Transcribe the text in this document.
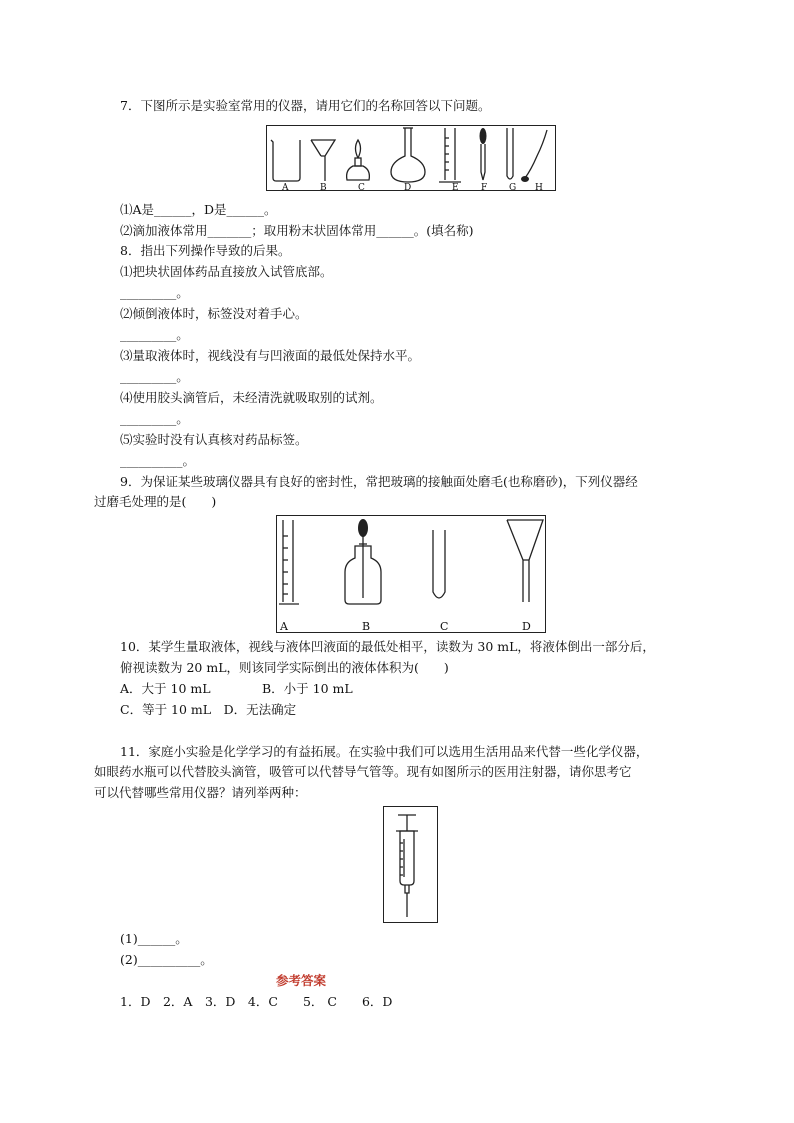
7．下图所示是实验室常用的仪器，请用它们的名称回答以下问题。
A	B	C	D	E F G H
⑴A是______，D是______。
⑵滴加液体常用_______；取用粉末状固体常用______。(填名称)
8．指出下列操作导致的后果。
⑴把块状固体药品直接放入试管底部。
_________。
⑵倾倒液体时，标签没对着手心。
_________。
⑶量取液体时，视线没有与凹液面的最低处保持水平。
_________。
⑷使用胶头滴管后，未经清洗就吸取别的试剂。
_________。
⑸实验时没有认真核对药品标签。
__________。
9．为保证某些玻璃仪器具有良好的密封性，常把玻璃的接触面处磨毛(也称磨砂)，下列仪器经
过磨毛处理的是(　　)
A	B	C	D
10．某学生量取液体，视线与液体凹液面的最低处相平，读数为 30 mL，将液体倒出一部分后，
俯视读数为 20 mL，则该同学实际倒出的液体体积为(　　)
A．大于 10 mL	B．小于 10 mL
C．等于 10 mL　D．无法确定
11．家庭小实验是化学学习的有益拓展。在实验中我们可以选用生活用品来代替一些化学仪器，
如眼药水瓶可以代替胶头滴管，吸管可以代替导气管等。现有如图所示的医用注射器，请你思考它
可以代替哪些常用仪器？请列举两种：
(1)______。
(2)__________。
参考答案
1．D　2．A　3．D　4．C　　5． C　　6．D
